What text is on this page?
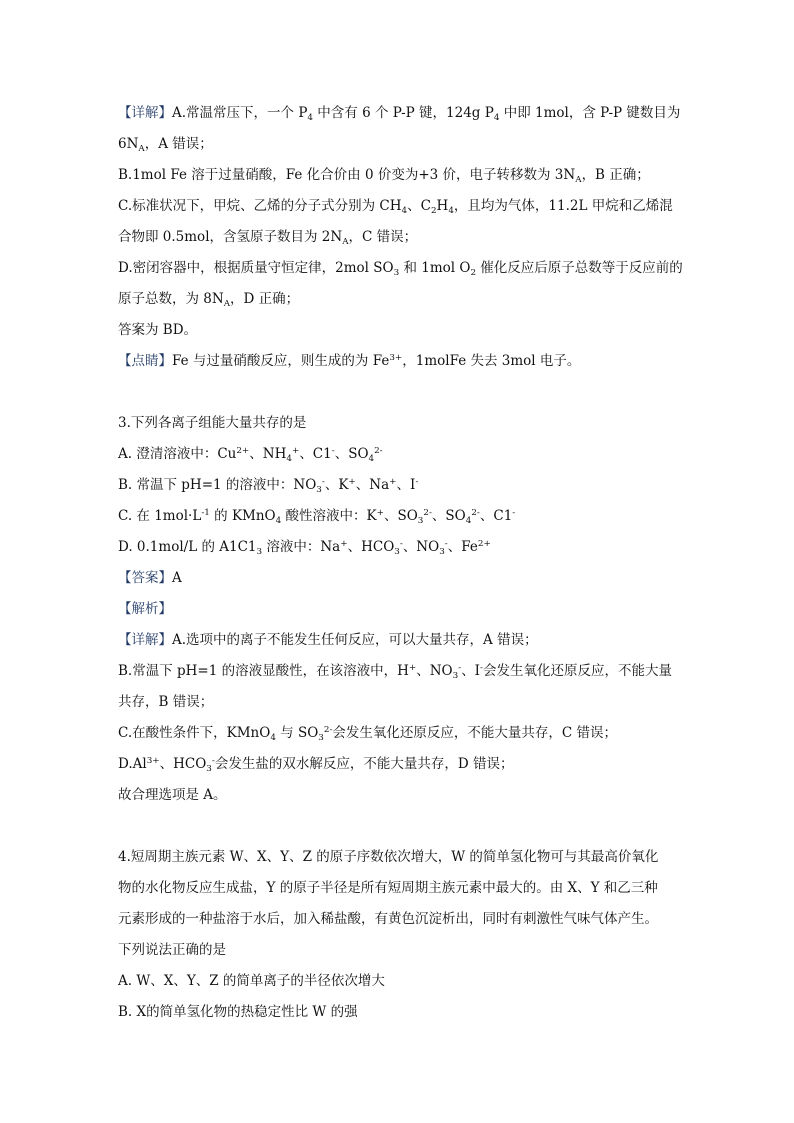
【详解】A.常温常压下，一个 $P_4$ 中含有 6 个 P-P 键，124g $P_4$ 中即 1mol，含 P-P 键数目为
$6N_A$，A 错误；
B.1mol Fe 溶于过量硝酸，Fe 化合价由 0 价变为+3 价，电子转移数为 $3N_A$，B 正确；
C.标准状况下，甲烷、乙烯的分子式分别为 $CH_4$、$C_2H_4$，且均为气体，11.2L 甲烷和乙烯混
合物即 0.5mol，含氢原子数目为 $2N_A$，C 错误；
D.密闭容器中，根据质量守恒定律，2mol $SO_3$ 和 1mol $O_2$ 催化反应后原子总数等于反应前的
原子总数，为 $8N_A$，D 正确；
答案为 BD。
【点睛】Fe 与过量硝酸反应，则生成的为 $Fe^{3+}$，1molFe 失去 3mol 电子。
3.下列各离子组能大量共存的是
A. 澄清溶液中：$Cu^{2+}$、$NH_4^+$、C1-、$SO_4^{2-}$
B. 常温下 pH=1 的溶液中：$NO_3^-$、K+、Na+、I-
C. 在 $1mol\cdot L^{-1}$ 的 KMnO$_4$ 酸性溶液中：K+、$SO_3^{2-}$、$SO_4^{2-}$、C1-
D. 0.1mol/L 的 $A1C1_3$ 溶液中：Na+、$HCO_3^-$、$NO_3^-$、$Fe^{2+}$
【答案】A
【解析】
【详解】A.选项中的离子不能发生任何反应，可以大量共存，A 错误；
B.常温下 pH=1 的溶液显酸性，在该溶液中，H+、$NO_3^-$、I-会发生氧化还原反应，不能大量
共存，B 错误；
C.在酸性条件下，KMnO$_4$ 与 $SO_3^{2-}$会发生氧化还原反应，不能大量共存，C 错误；
$D.Al^{3+}$、$HCO_3^-$会发生盐的双水解反应，不能大量共存，D 错误；
故合理选项是 A。
4.短周期主族元素 W、X、Y、Z 的原子序数依次增大，W 的简单氢化物可与其最高价氧化
物的水化物反应生成盐，Y 的原子半径是所有短周期主族元素中最大的。由 X、Y 和乙三种
元素形成的一种盐溶于水后，加入稀盐酸，有黄色沉淀析出，同时有刺激性气味气体产生。
下列说法正确的是
A. W、X、Y、Z 的简单离子的半径依次增大
B. X的简单氢化物的热稳定性比 W 的强
